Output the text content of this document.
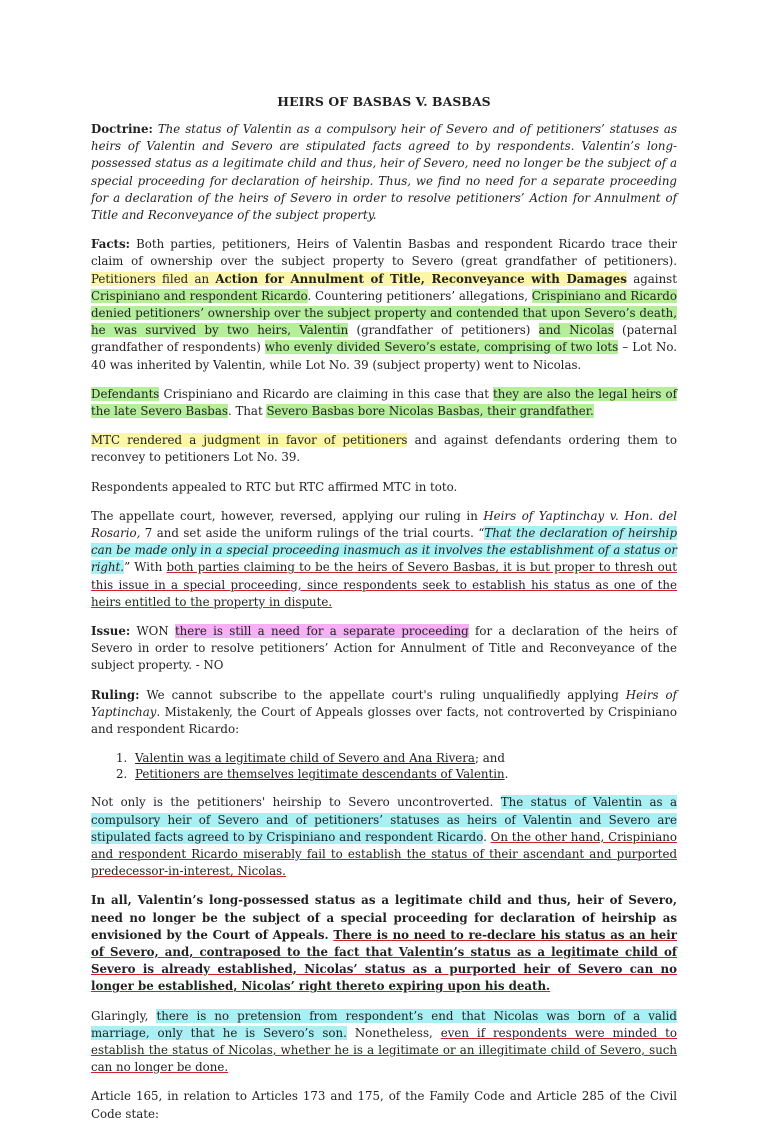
HEIRS OF BASBAS V. BASBAS

Doctrine: The status of Valentin as a compulsory heir of Severo and of petitioners’ statuses as heirs of Valentin and Severo are stipulated facts agreed to by respondents. Valentin’s long-possessed status as a legitimate child and thus, heir of Severo, need no longer be the subject of a special proceeding for declaration of heirship. Thus, we find no need for a separate proceeding for a declaration of the heirs of Severo in order to resolve petitioners’ Action for Annulment of Title and Reconveyance of the subject property.

Facts: Both parties, petitioners, Heirs of Valentin Basbas and respondent Ricardo trace their claim of ownership over the subject property to Severo (great grandfather of petitioners). Petitioners filed an Action for Annulment of Title, Reconveyance with Damages against Crispiniano and respondent Ricardo. Countering petitioners’ allegations, Crispiniano and Ricardo denied petitioners’ ownership over the subject property and contended that upon Severo’s death, he was survived by two heirs, Valentin (grandfather of petitioners) and Nicolas (paternal grandfather of respondents) who evenly divided Severo’s estate, comprising of two lots – Lot No. 40 was inherited by Valentin, while Lot No. 39 (subject property) went to Nicolas.

Defendants Crispiniano and Ricardo are claiming in this case that they are also the legal heirs of the late Severo Basbas. That Severo Basbas bore Nicolas Basbas, their grandfather.

MTC rendered a judgment in favor of petitioners and against defendants ordering them to reconvey to petitioners Lot No. 39.

Respondents appealed to RTC but RTC affirmed MTC in toto.

The appellate court, however, reversed, applying our ruling in Heirs of Yaptinchay v. Hon. del Rosario, 7 and set aside the uniform rulings of the trial courts. “That the declaration of heirship can be made only in a special proceeding inasmuch as it involves the establishment of a status or right.” With both parties claiming to be the heirs of Severo Basbas, it is but proper to thresh out this issue in a special proceeding, since respondents seek to establish his status as one of the heirs entitled to the property in dispute.

Issue: WON there is still a need for a separate proceeding for a declaration of the heirs of Severo in order to resolve petitioners’ Action for Annulment of Title and Reconveyance of the subject property. - NO

Ruling: We cannot subscribe to the appellate court's ruling unqualifiedly applying Heirs of Yaptinchay. Mistakenly, the Court of Appeals glosses over facts, not controverted by Crispiniano and respondent Ricardo:

1. Valentin was a legitimate child of Severo and Ana Rivera; and
2. Petitioners are themselves legitimate descendants of Valentin.

Not only is the petitioners' heirship to Severo uncontroverted. The status of Valentin as a compulsory heir of Severo and of petitioners’ statuses as heirs of Valentin and Severo are stipulated facts agreed to by Crispiniano and respondent Ricardo. On the other hand, Crispiniano and respondent Ricardo miserably fail to establish the status of their ascendant and purported predecessor-in-interest, Nicolas.

In all, Valentin’s long-possessed status as a legitimate child and thus, heir of Severo, need no longer be the subject of a special proceeding for declaration of heirship as envisioned by the Court of Appeals. There is no need to re-declare his status as an heir of Severo, and, contraposed to the fact that Valentin’s status as a legitimate child of Severo is already established, Nicolas’ status as a purported heir of Severo can no longer be established, Nicolas’ right thereto expiring upon his death.

Glaringly, there is no pretension from respondent’s end that Nicolas was born of a valid marriage, only that he is Severo’s son. Nonetheless, even if respondents were minded to establish the status of Nicolas, whether he is a legitimate or an illegitimate child of Severo, such can no longer be done.

Article 165, in relation to Articles 173 and 175, of the Family Code and Article 285 of the Civil Code state:
